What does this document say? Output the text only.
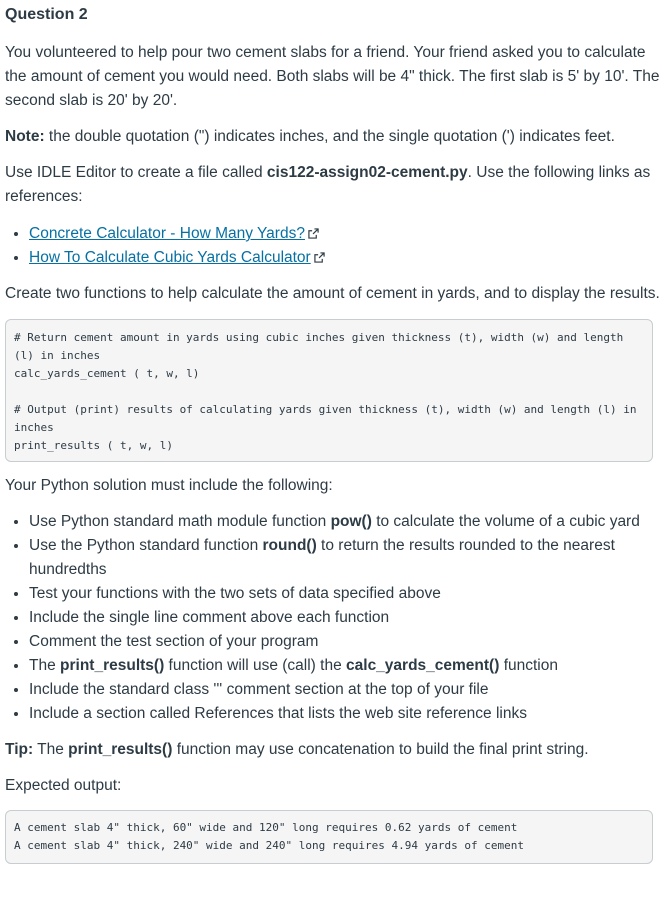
Question 2

You volunteered to help pour two cement slabs for a friend. Your friend asked you to calculate the amount of cement you would need. Both slabs will be 4" thick. The first slab is 5' by 10'. The second slab is 20' by 20'.

Note: the double quotation (") indicates inches, and the single quotation (') indicates feet.

Use IDLE Editor to create a file called cis122-assign02-cement.py. Use the following links as references:

• Concrete Calculator - How Many Yards?
• How To Calculate Cubic Yards Calculator

Create two functions to help calculate the amount of cement in yards, and to display the results.

# Return cement amount in yards using cubic inches given thickness (t), width (w) and length (l) in inches
calc_yards_cement ( t, w, l)
# Output (print) results of calculating yards given thickness (t), width (w) and length (l) in inches
print_results ( t, w, l)

Your Python solution must include the following:

• Use Python standard math module function pow() to calculate the volume of a cubic yard
• Use the Python standard function round() to return the results rounded to the nearest hundredths
• Test your functions with the two sets of data specified above
• Include the single line comment above each function
• Comment the test section of your program
• The print_results() function will use (call) the calc_yards_cement() function
• Include the standard class ''' comment section at the top of your file
• Include a section called References that lists the web site reference links

Tip: The print_results() function may use concatenation to build the final print string.

Expected output:

A cement slab 4" thick, 60" wide and 120" long requires 0.62 yards of cement
A cement slab 4" thick, 240" wide and 240" long requires 4.94 yards of cement
